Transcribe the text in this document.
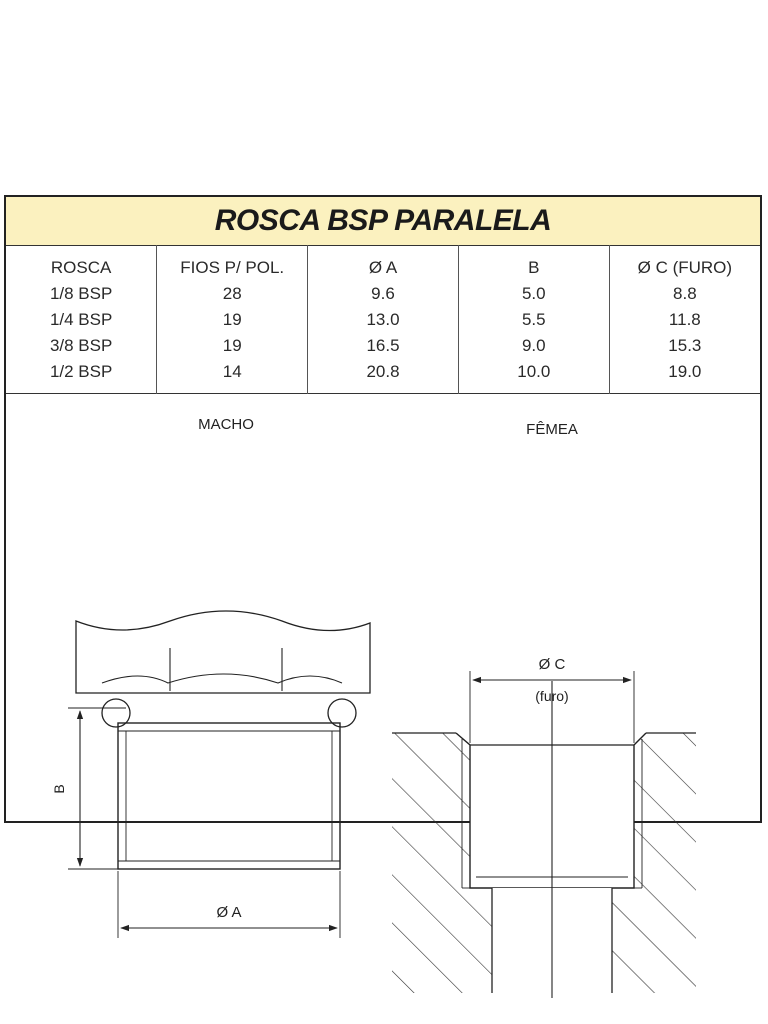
ROSCA BSP PARALELA
ROSCA	FIOS P/ POL.	Ø A	B	Ø C (FURO)
1/8 BSP	28	9.6	5.0	8.8
1/4 BSP	19	13.0	5.5	11.8
3/8 BSP	19	16.5	9.0	15.3
1/2 BSP	14	20.8	10.0	19.0
MACHO
B
Ø A
FÊMEA
Ø C
(furo)
